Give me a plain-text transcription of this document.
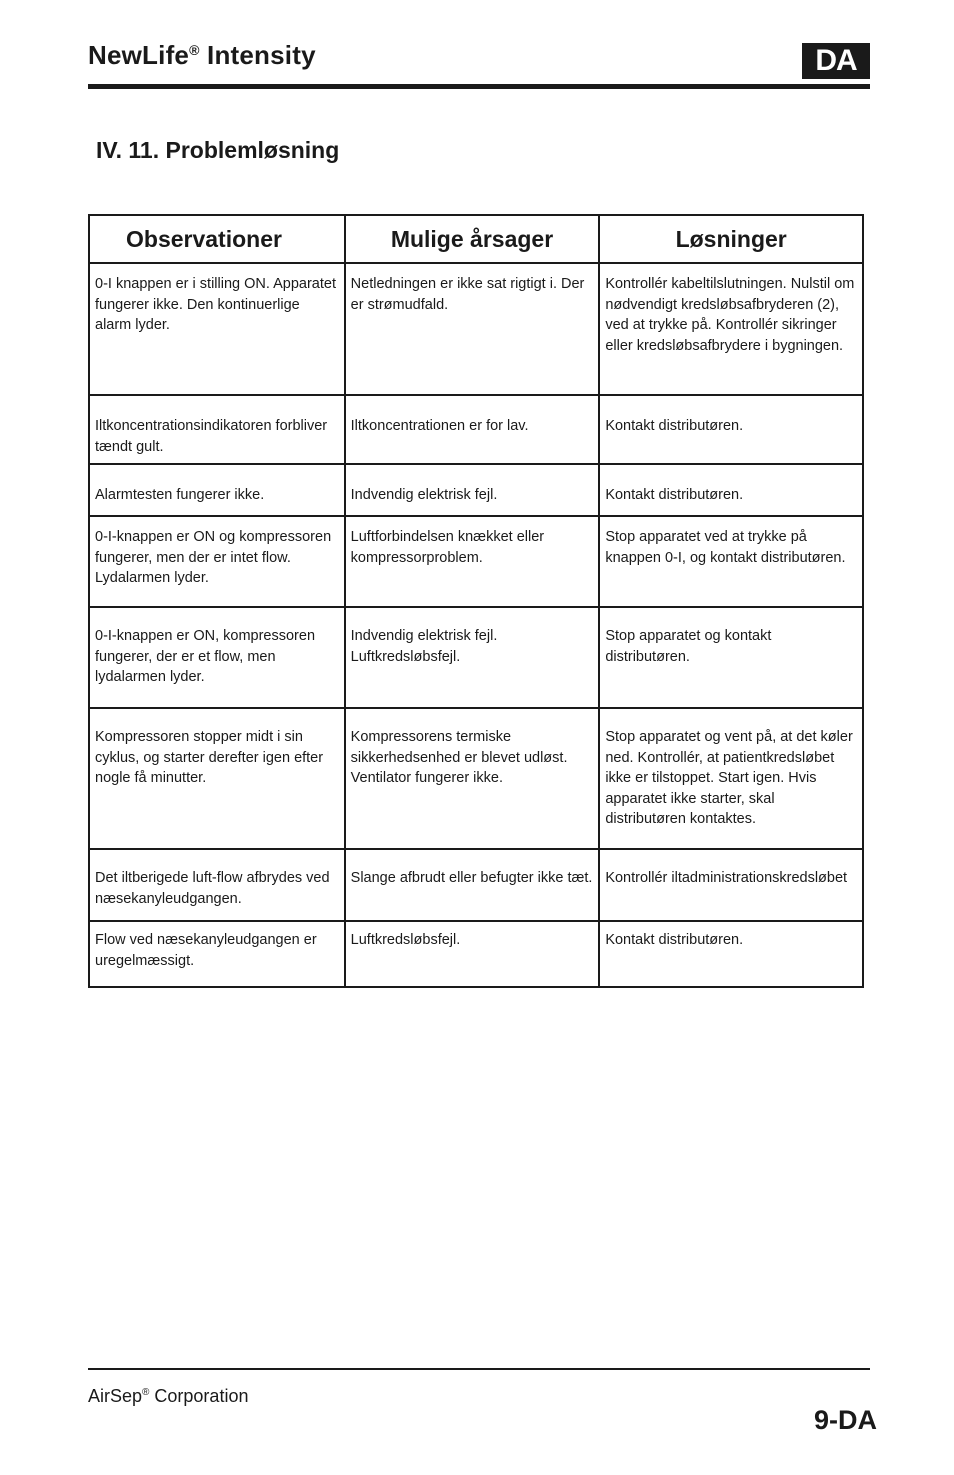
NewLife® Intensity	DA
IV. 11. Problemløsning
Observationer	Mulige årsager	Løsninger
0-I knappen er i stilling ON. Apparatet fungerer ikke. Den kontinuerlige alarm lyder.	Netledningen er ikke sat rigtigt i. Der er strømudfald.	Kontrollér kabeltilslutningen. Nulstil om nødvendigt kredsløbsafbryderen (2), ved at trykke på. Kontrollér sikringer eller kredsløbsafbrydere i bygningen.
Iltkoncentrationsindikatoren forbliver tændt gult.	Iltkoncentrationen er for lav.	Kontakt distributøren.
Alarmtesten fungerer ikke.	Indvendig elektrisk fejl.	Kontakt distributøren.
0-I-knappen er ON og kompressoren fungerer, men der er intet flow. Lydalarmen lyder.	Luftforbindelsen knækket eller kompressorproblem.	Stop apparatet ved at trykke på knappen 0-I, og kontakt distributøren.
0-I-knappen er ON, kompressoren fungerer, der er et flow, men lydalarmen lyder.	Indvendig elektrisk fejl. Luftkredsløbsfejl.	Stop apparatet og kontakt distributøren.
Kompressoren stopper midt i sin cyklus, og starter derefter igen efter nogle få minutter.	Kompressorens termiske sikkerhedsenhed er blevet udløst. Ventilator fungerer ikke.	Stop apparatet og vent på, at det køler ned. Kontrollér, at patientkredsløbet ikke er tilstoppet. Start igen. Hvis apparatet ikke starter, skal distributøren kontaktes.
Det iltberigede luft-flow afbrydes ved næsekanyleudgangen.	Slange afbrudt eller befugter ikke tæt.	Kontrollér iltadministrationskredsløbet
Flow ved næsekanyleudgangen er uregelmæssigt.	Luftkredsløbsfejl.	Kontakt distributøren.
AirSep® Corporation
9-DA
